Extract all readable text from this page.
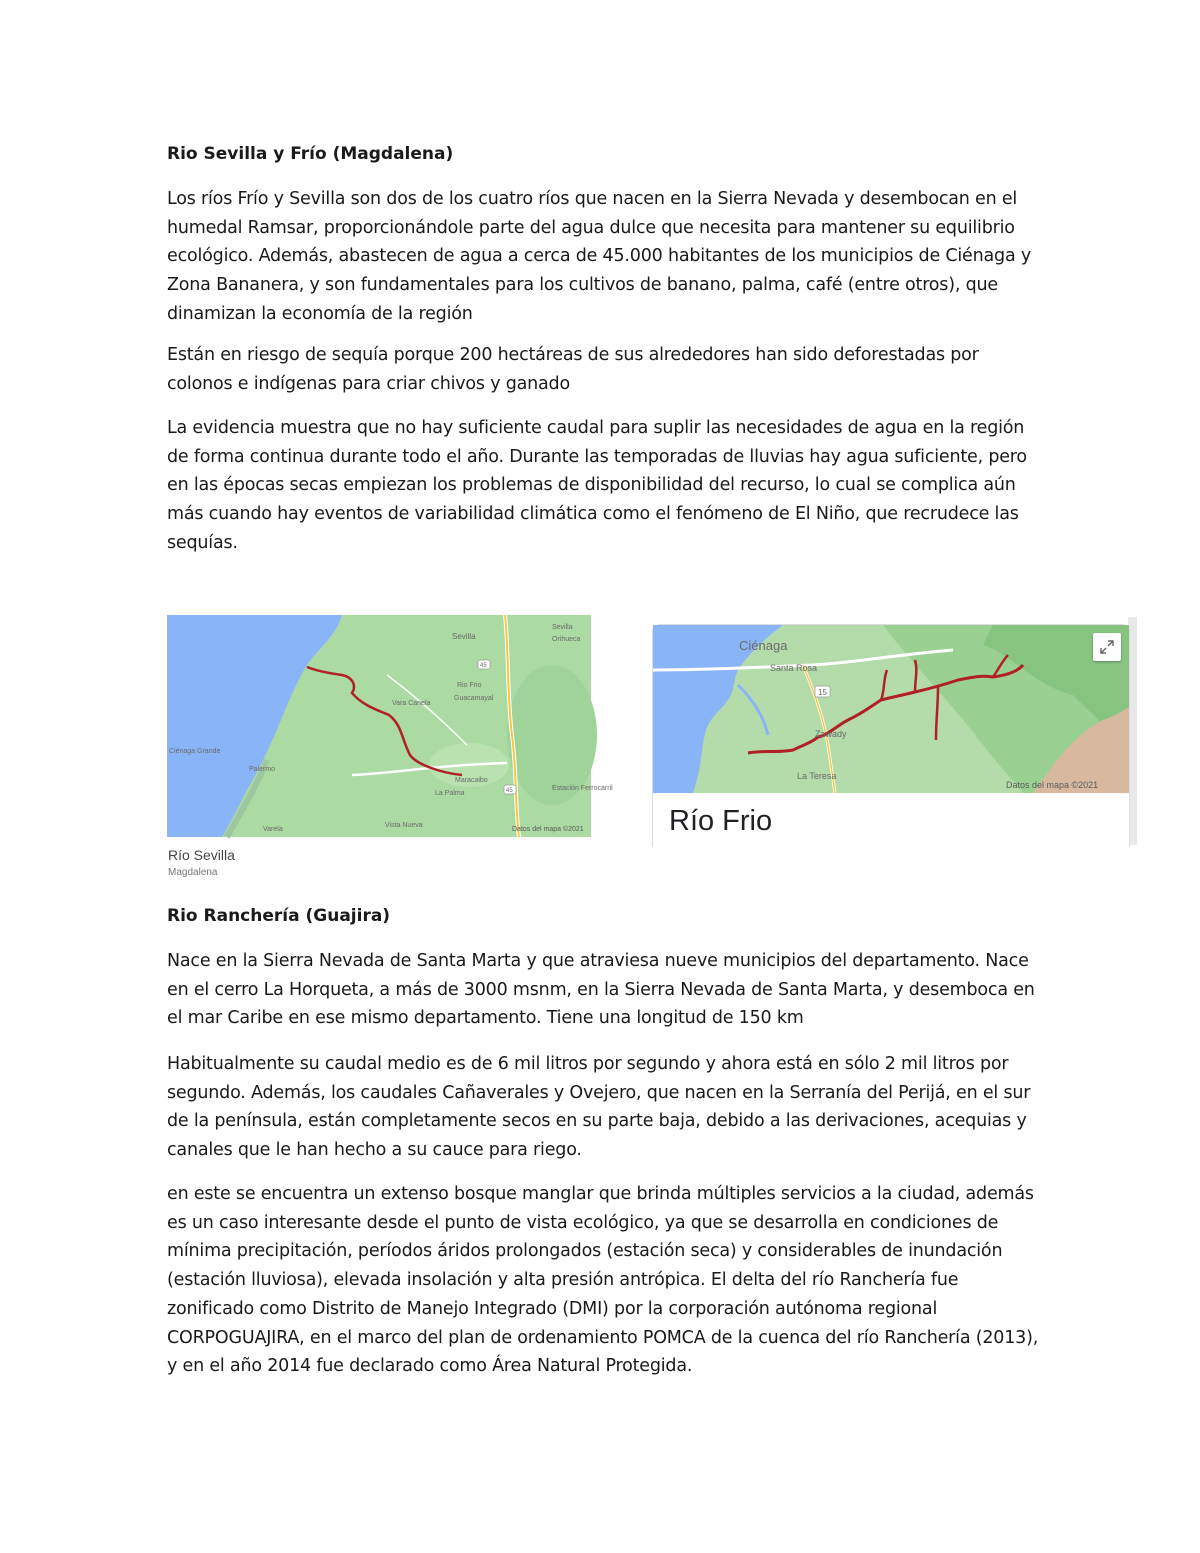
Rio Sevilla y Frío (Magdalena)

Los ríos Frío y Sevilla son dos de los cuatro ríos que nacen en la Sierra Nevada y desembocan en el humedal Ramsar, proporcionándole parte del agua dulce que necesita para mantener su equilibrio ecológico. Además, abastecen de agua a cerca de 45.000 habitantes de los municipios de Ciénaga y Zona Bananera, y son fundamentales para los cultivos de banano, palma, café (entre otros), que dinamizan la economía de la región

Están en riesgo de sequía porque 200 hectáreas de sus alrededores han sido deforestadas por colonos e indígenas para criar chivos y ganado

La evidencia muestra que no hay suficiente caudal para suplir las necesidades de agua en la región de forma continua durante todo el año. Durante las temporadas de lluvias hay agua suficiente, pero en las épocas secas empiezan los problemas de disponibilidad del recurso, lo cual se complica aún más cuando hay eventos de variabilidad climática como el fenómeno de El Niño, que recrudece las sequías.

Sevilla
Sevilla
Orihueca
Rio Frio
Guacamayal
Vara Canela
Ciénaga Grande
Palermo
Maracaibo
La Palma
Estación Ferrocarril
Vista Nueva
Varela
45
45
Datos del mapa ©2021

Río Sevilla

Magdalena

Ciénaga
Santa Rosa
15
Zawady
La Teresa
Datos del mapa ©2021

Río Frio

Rio Ranchería (Guajira)

Nace en la Sierra Nevada de Santa Marta y que atraviesa nueve municipios del departamento. Nace en el cerro La Horqueta, a más de 3000 msnm, en la Sierra Nevada de Santa Marta, y desemboca en el mar Caribe en ese mismo departamento. Tiene una longitud de 150 km

Habitualmente su caudal medio es de 6 mil litros por segundo y ahora está en sólo 2 mil litros por segundo. Además, los caudales Cañaverales y Ovejero, que nacen en la Serranía del Perijá, en el sur de la península, están completamente secos en su parte baja, debido a las derivaciones, acequias y canales que le han hecho a su cauce para riego.

en este se encuentra un extenso bosque manglar que brinda múltiples servicios a la ciudad, además es un caso interesante desde el punto de vista ecológico, ya que se desarrolla en condiciones de mínima precipitación, períodos áridos prolongados (estación seca) y considerables de inundación (estación lluviosa), elevada insolación y alta presión antrópica. El delta del río Ranchería fue zonificado como Distrito de Manejo Integrado (DMI) por la corporación autónoma regional CORPOGUAJIRA, en el marco del plan de ordenamiento POMCA de la cuenca del río Ranchería (2013), y en el año 2014 fue declarado como Área Natural Protegida.
